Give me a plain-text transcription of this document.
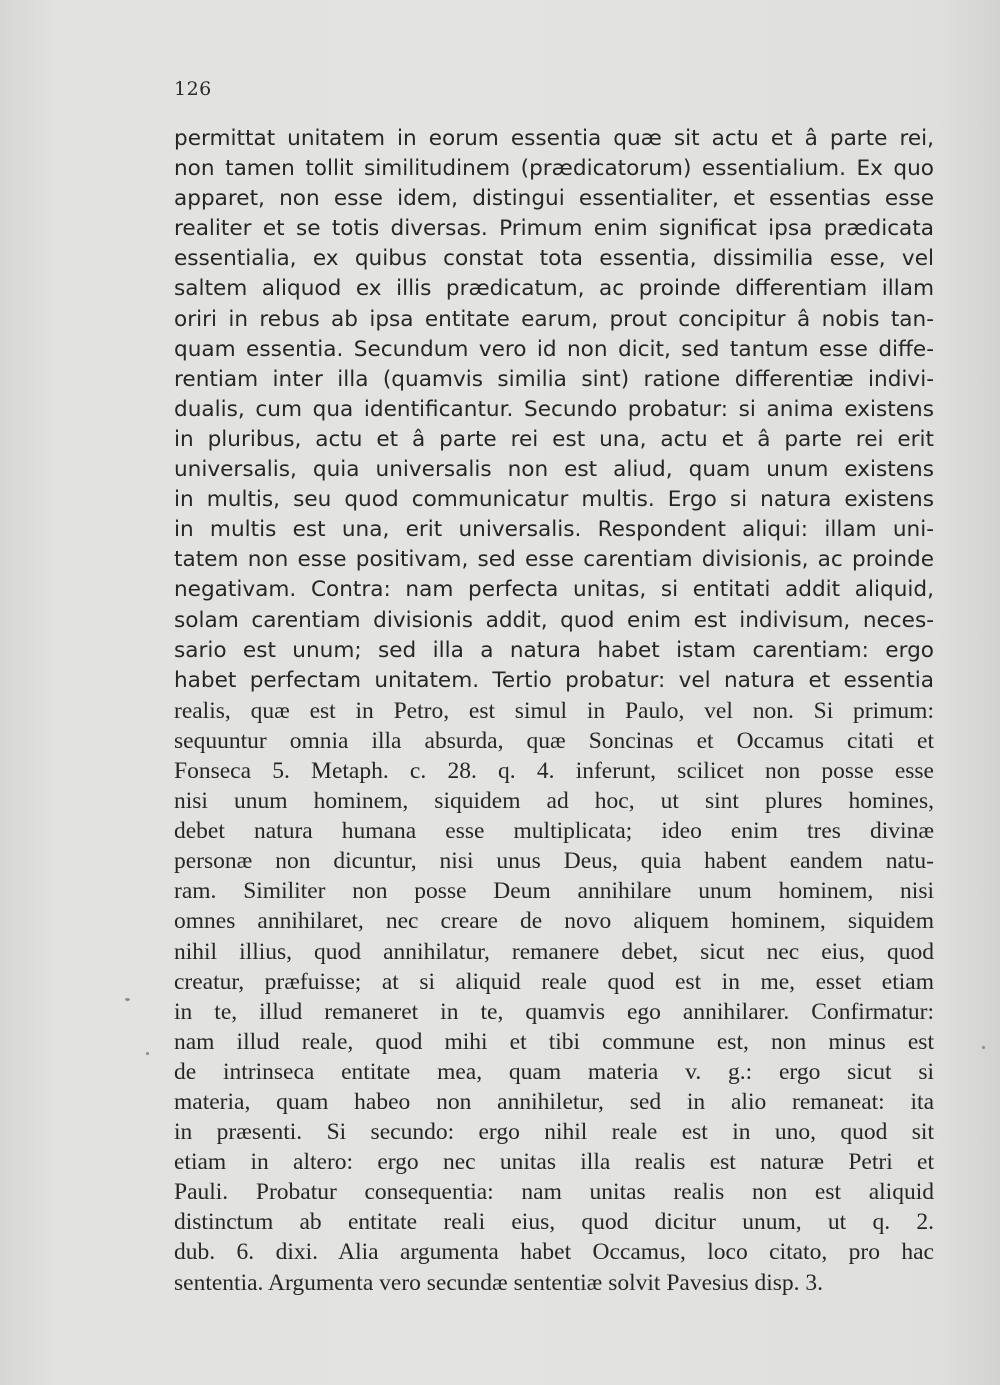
126
permittat unitatem in eorum essentia quæ sit actu et â parte rei,
non tamen tollit similitudinem (prædicatorum) essentialium. Ex quo
apparet, non esse idem, distingui essentialiter, et essentias esse
realiter et se totis diversas. Primum enim significat ipsa prædicata
essentialia, ex quibus constat tota essentia, dissimilia esse, vel
saltem aliquod ex illis prædicatum, ac proinde differentiam illam
oriri in rebus ab ipsa entitate earum, prout concipitur â nobis tan-
quam essentia. Secundum vero id non dicit, sed tantum esse diffe-
rentiam inter illa (quamvis similia sint) ratione differentiæ indivi-
dualis, cum qua identificantur. Secundo probatur: si anima existens
in pluribus, actu et â parte rei est una, actu et â parte rei erit
universalis, quia universalis non est aliud, quam unum existens
in multis, seu quod communicatur multis. Ergo si natura existens
in multis est una, erit universalis. Respondent aliqui: illam uni-
tatem non esse positivam, sed esse carentiam divisionis, ac proinde
negativam. Contra: nam perfecta unitas, si entitati addit aliquid,
solam carentiam divisionis addit, quod enim est indivisum, neces-
sario est unum; sed illa a natura habet istam carentiam: ergo
habet perfectam unitatem. Tertio probatur: vel natura et essentia
realis, quæ est in Petro, est simul in Paulo, vel non. Si primum:
sequuntur omnia illa absurda, quæ Soncinas et Occamus citati et
Fonseca 5. Metaph. c. 28. q. 4. inferunt, scilicet non posse esse
nisi unum hominem, siquidem ad hoc, ut sint plures homines,
debet natura humana esse multiplicata; ideo enim tres divinæ
personæ non dicuntur, nisi unus Deus, quia habent eandem natu-
ram. Similiter non posse Deum annihilare unum hominem, nisi
omnes annihilaret, nec creare de novo aliquem hominem, siquidem
nihil illius, quod annihilatur, remanere debet, sicut nec eius, quod
creatur, præfuisse; at si aliquid reale quod est in me, esset etiam
in te, illud remaneret in te, quamvis ego annihilarer. Confirmatur:
nam illud reale, quod mihi et tibi commune est, non minus est
de intrinseca entitate mea, quam materia v. g.: ergo sicut si
materia, quam habeo non annihiletur, sed in alio remaneat: ita
in præsenti. Si secundo: ergo nihil reale est in uno, quod sit
etiam in altero: ergo nec unitas illa realis est naturæ Petri et
Pauli. Probatur consequentia: nam unitas realis non est aliquid
distinctum ab entitate reali eius, quod dicitur unum, ut q. 2.
dub. 6. dixi. Alia argumenta habet Occamus, loco citato, pro hac
sententia. Argumenta vero secundæ sententiæ solvit Pavesius disp. 3.
